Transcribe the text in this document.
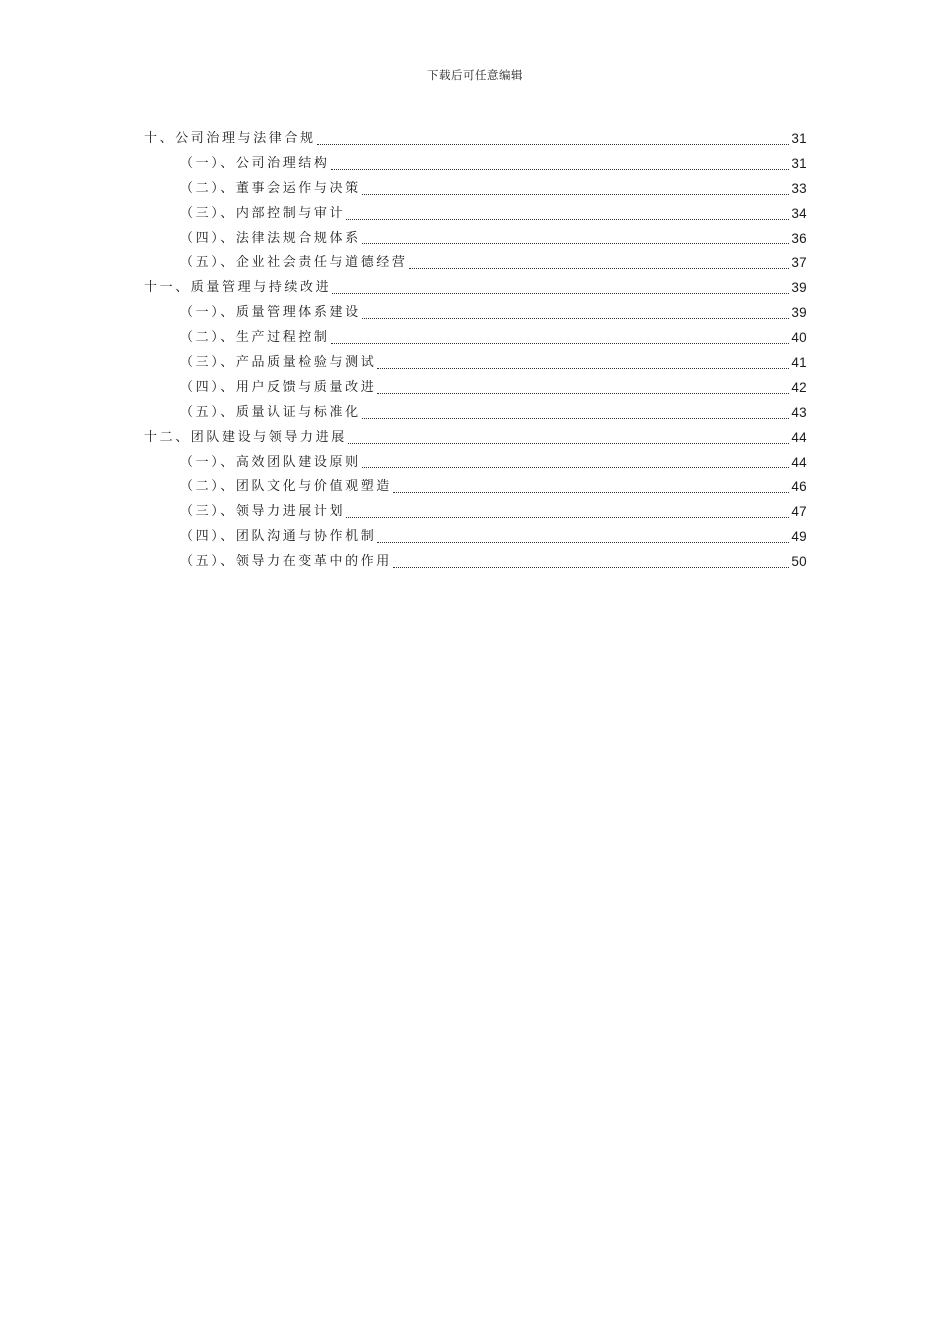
下载后可任意编辑
十、公司治理与法律合规	31
（一）、公司治理结构	31
（二）、董事会运作与决策	33
（三）、内部控制与审计	34
（四）、法律法规合规体系	36
（五）、企业社会责任与道德经营	37
十一、质量管理与持续改进	39
（一）、质量管理体系建设	39
（二）、生产过程控制	40
（三）、产品质量检验与测试	41
（四）、用户反馈与质量改进	42
（五）、质量认证与标准化	43
十二、团队建设与领导力进展	44
（一）、高效团队建设原则	44
（二）、团队文化与价值观塑造	46
（三）、领导力进展计划	47
（四）、团队沟通与协作机制	49
（五）、领导力在变革中的作用	50
